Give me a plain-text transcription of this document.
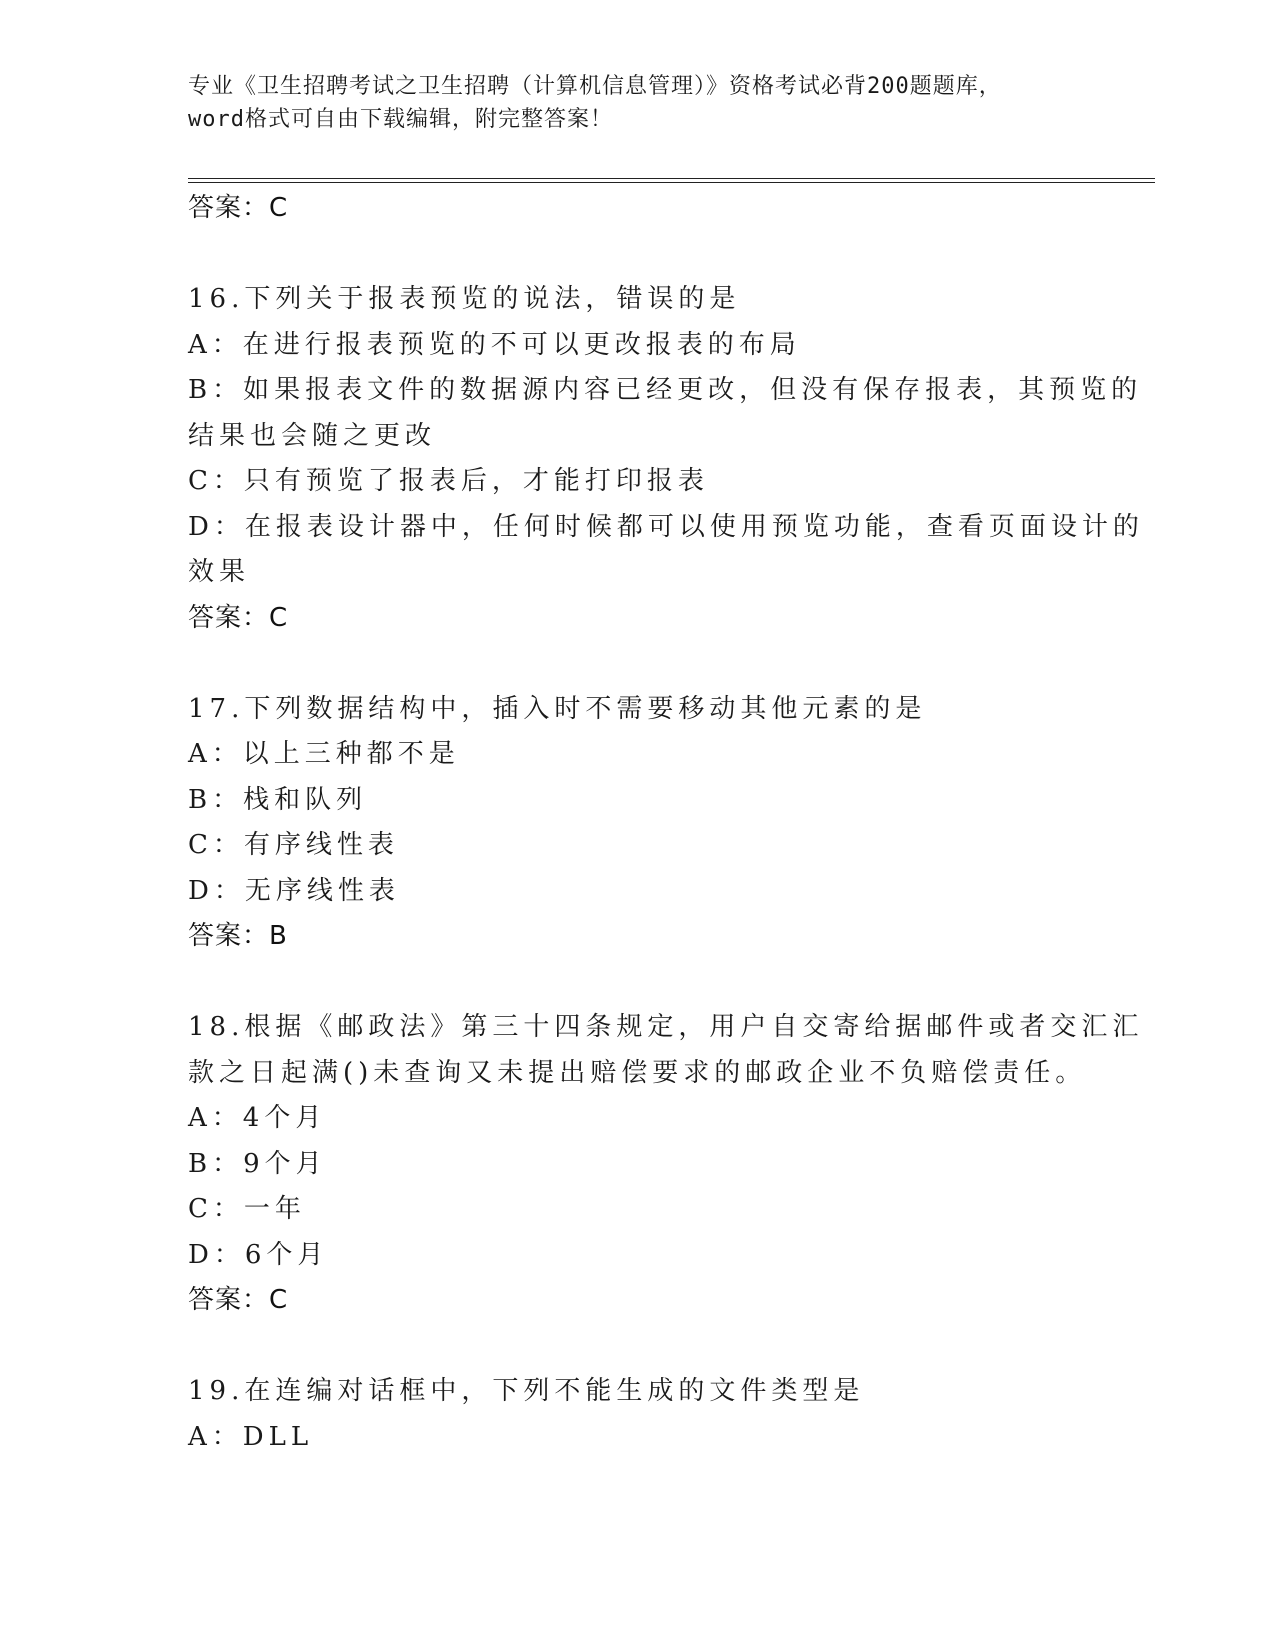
专业《卫生招聘考试之卫生招聘（计算机信息管理）》资格考试必背200题题库，
word格式可自由下载编辑，附完整答案！
答案：C
16.下列关于报表预览的说法，错误的是
A：在进行报表预览的不可以更改报表的布局
B：如果报表文件的数据源内容已经更改，但没有保存报表，其预览的
结果也会随之更改
C：只有预览了报表后，才能打印报表
D：在报表设计器中，任何时候都可以使用预览功能，查看页面设计的
效果
答案：C
17.下列数据结构中，插入时不需要移动其他元素的是
A：以上三种都不是
B：栈和队列
C：有序线性表
D：无序线性表
答案：B
18.根据《邮政法》第三十四条规定，用户自交寄给据邮件或者交汇汇
款之日起满()未查询又未提出赔偿要求的邮政企业不负赔偿责任。
A：4个月
B：9个月
C：一年
D：6个月
答案：C
19.在连编对话框中，下列不能生成的文件类型是
A：DLL
